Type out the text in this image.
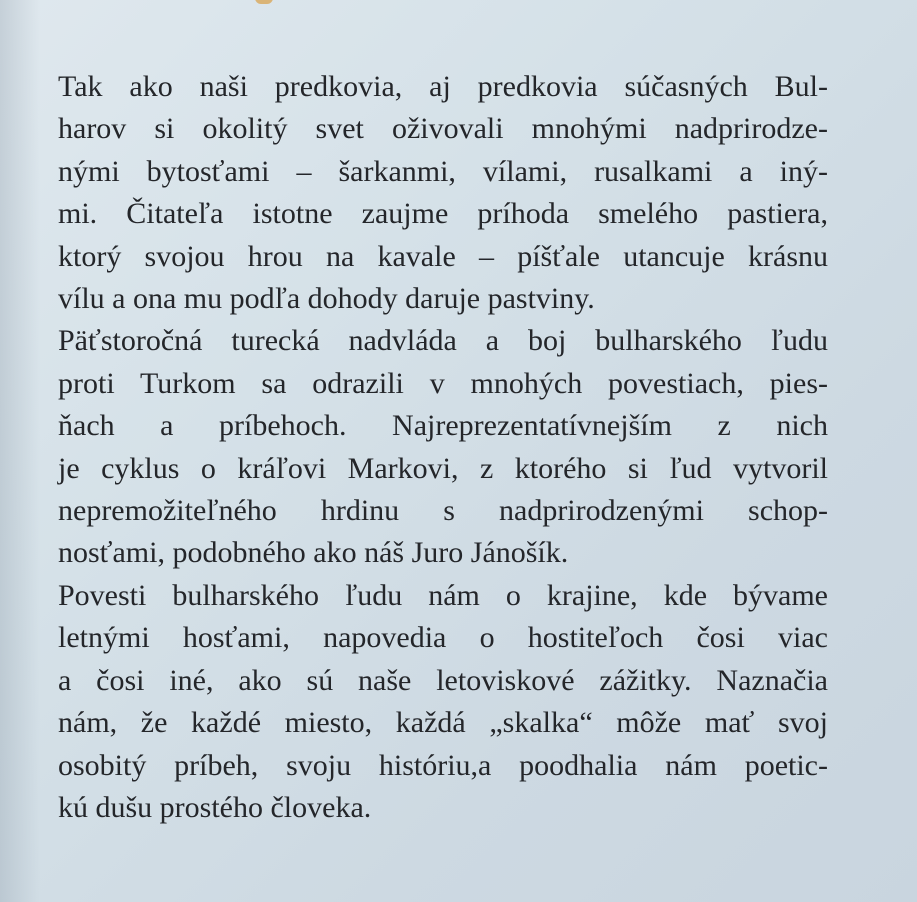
Tak ako naši predkovia, aj predkovia súčasných Bul-
harov si okolitý svet oživovali mnohými nadprirodze-
nými bytosťami – šarkanmi, vílami, rusalkami a iný-
mi. Čitateľa istotne zaujme príhoda smelého pastiera,
ktorý svojou hrou na kavale – píšťale utancuje krásnu
vílu a ona mu podľa dohody daruje pastviny.
Päťstoročná turecká nadvláda a boj bulharského ľudu
proti Turkom sa odrazili v mnohých povestiach, pies-
ňach a príbehoch. Najreprezentatívnejším z nich
je cyklus o kráľovi Markovi, z ktorého si ľud vytvoril
nepremožiteľného hrdinu s nadprirodzenými schop-
nosťami, podobného ako náš Juro Jánošík.
Povesti bulharského ľudu nám o krajine, kde bývame
letnými hosťami, napovedia o hostiteľoch čosi viac
a čosi iné, ako sú naše letoviskové zážitky. Naznačia
nám, že každé miesto, každá „skalka“ môže mať svoj
osobitý príbeh, svoju históriu,a poodhalia nám poetic-
kú dušu prostého človeka.
